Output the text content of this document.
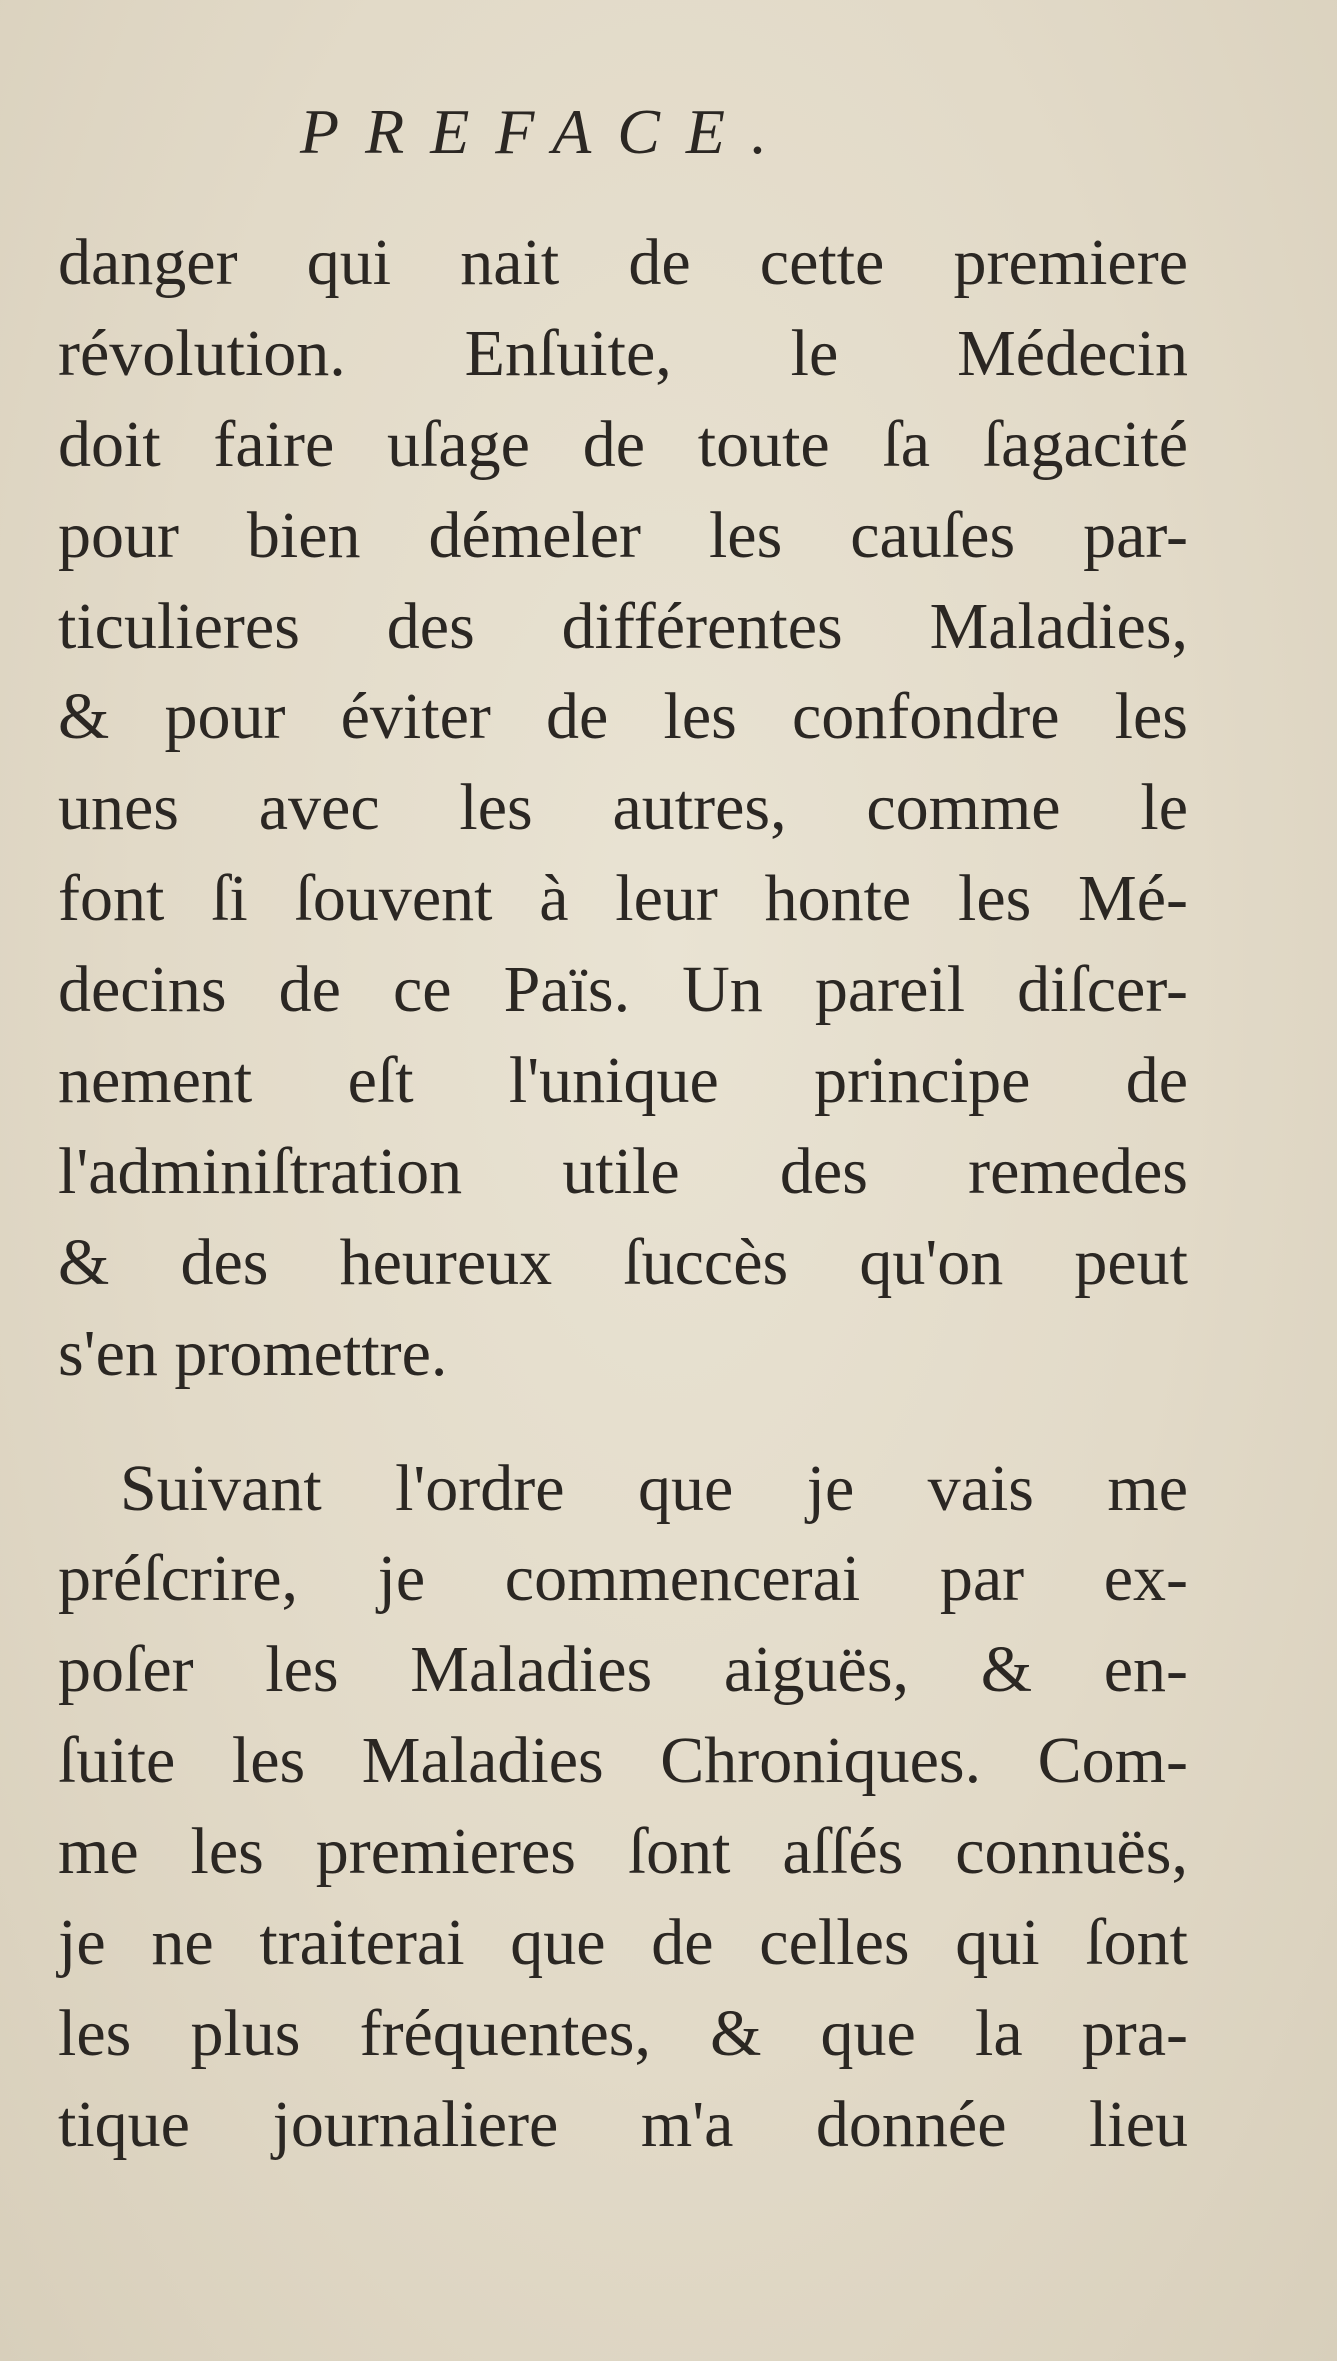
PREFACE.
danger qui nait de cette premiere
révolution. Enſuite, le Médecin
doit faire uſage de toute ſa ſagacité
pour bien démeler les cauſes par-
ticulieres des différentes Maladies,
& pour éviter de les confondre les
unes avec les autres, comme le
font ſi ſouvent à leur honte les Mé-
decins de ce Païs. Un pareil diſcer-
nement eſt l'unique principe de
l'adminiſtration utile des remedes
& des heureux ſuccès qu'on peut
s'en promettre.
Suivant l'ordre que je vais me
préſcrire, je commencerai par ex-
poſer les Maladies aiguës, & en-
ſuite les Maladies Chroniques. Com-
me les premieres ſont aſſés connuës,
je ne traiterai que de celles qui ſont
les plus fréquentes, & que la pra-
tique journaliere m'a donnée lieu
